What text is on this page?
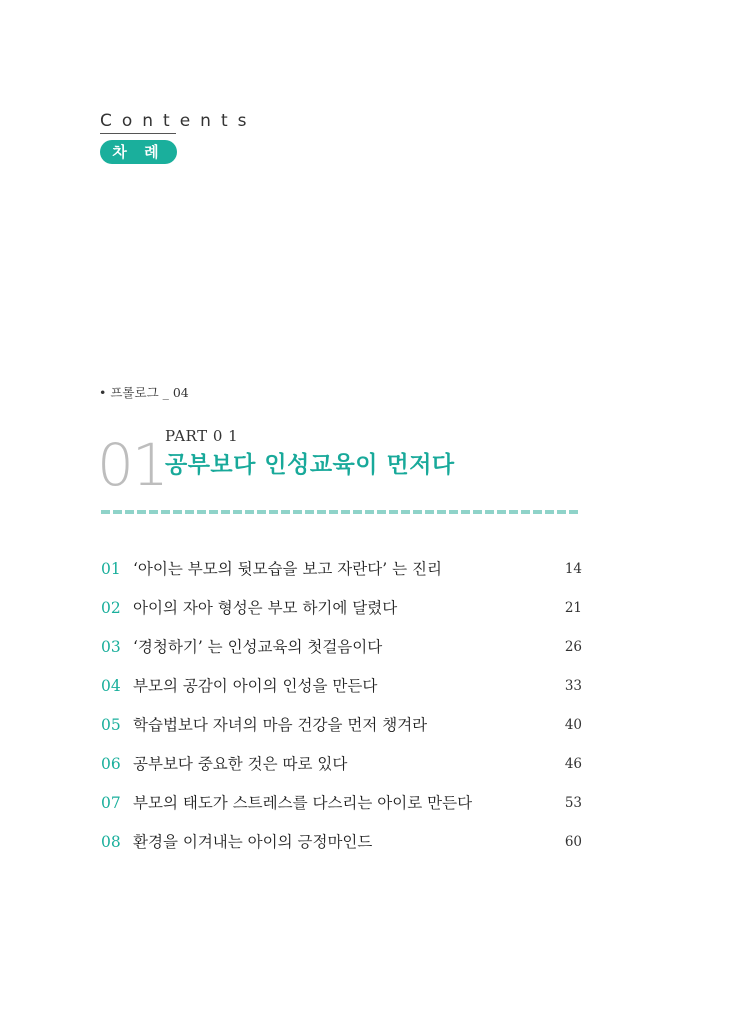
Contents
차 례
• 프롤로그 _ 04
01
PART 0 1
공부보다 인성교육이 먼저다
01 ‘아이는 부모의 뒷모습을 보고 자란다’ 는 진리	14
02 아이의 자아 형성은 부모 하기에 달렸다	21
03 ‘경청하기’ 는 인성교육의 첫걸음이다	26
04 부모의 공감이 아이의 인성을 만든다	33
05 학습법보다 자녀의 마음 건강을 먼저 챙겨라	40
06 공부보다 중요한 것은 따로 있다	46
07 부모의 태도가 스트레스를 다스리는 아이로 만든다	53
08 환경을 이겨내는 아이의 긍정마인드	60
